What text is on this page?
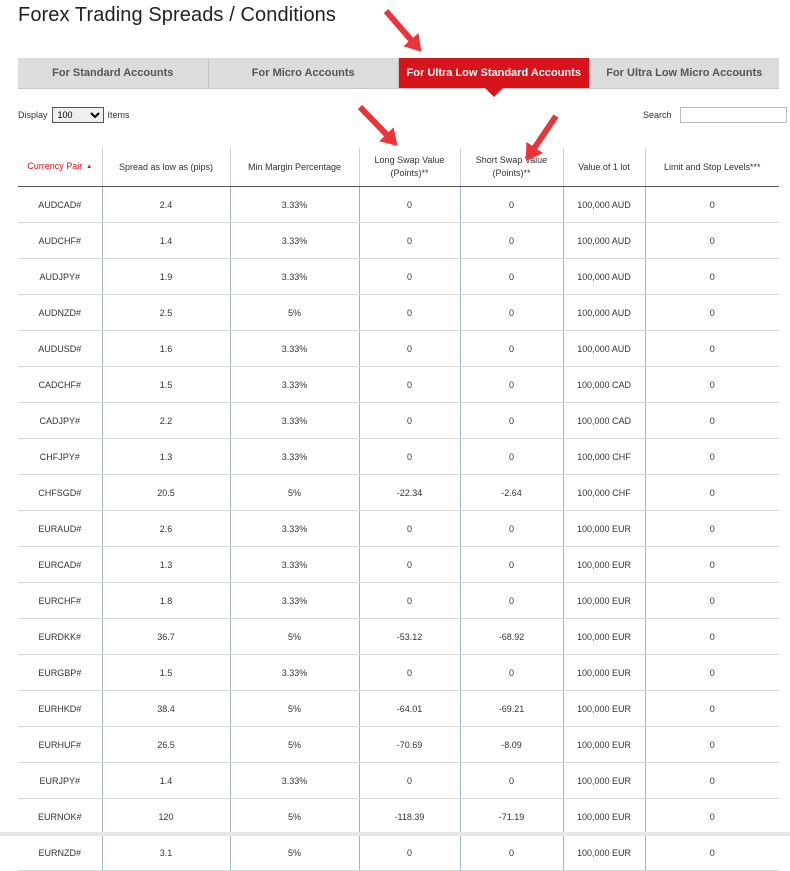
Forex Trading Spreads / Conditions
For Standard Accounts	For Micro Accounts	For Ultra Low Standard Accounts	For Ultra Low Micro Accounts
Display
100	Items	Search
Currency Pair ▲	Spread as low as (pips)	Min Margin Percentage	Long Swap Value (Points)**	Short Swap Value (Points)**	Value of 1 lot	Limit and Stop Levels***
AUDCAD#	2.4	3.33%	0	0	100,000 AUD	0
AUDCHF#	1.4	3.33%	0	0	100,000 AUD	0
AUDJPY#	1.9	3.33%	0	0	100,000 AUD	0
AUDNZD#	2.5	5%	0	0	100,000 AUD	0
AUDUSD#	1.6	3.33%	0	0	100,000 AUD	0
CADCHF#	1.5	3.33%	0	0	100,000 CAD	0
CADJPY#	2.2	3.33%	0	0	100,000 CAD	0
CHFJPY#	1.3	3.33%	0	0	100,000 CHF	0
CHFSGD#	20.5	5%	-22.34	-2.64	100,000 CHF	0
EURAUD#	2.6	3.33%	0	0	100,000 EUR	0
EURCAD#	1.3	3.33%	0	0	100,000 EUR	0
EURCHF#	1.8	3.33%	0	0	100,000 EUR	0
EURDKK#	36.7	5%	-53.12	-68.92	100,000 EUR	0
EURGBP#	1.5	3.33%	0	0	100,000 EUR	0
EURHKD#	38.4	5%	-64.01	-69.21	100,000 EUR	0
EURHUF#	26.5	5%	-70.69	-8.09	100,000 EUR	0
EURJPY#	1.4	3.33%	0	0	100,000 EUR	0
EURNOK#	120	5%	-118.39	-71.19	100,000 EUR	0
EURNZD#	3.1	5%	0	0	100,000 EUR	0
